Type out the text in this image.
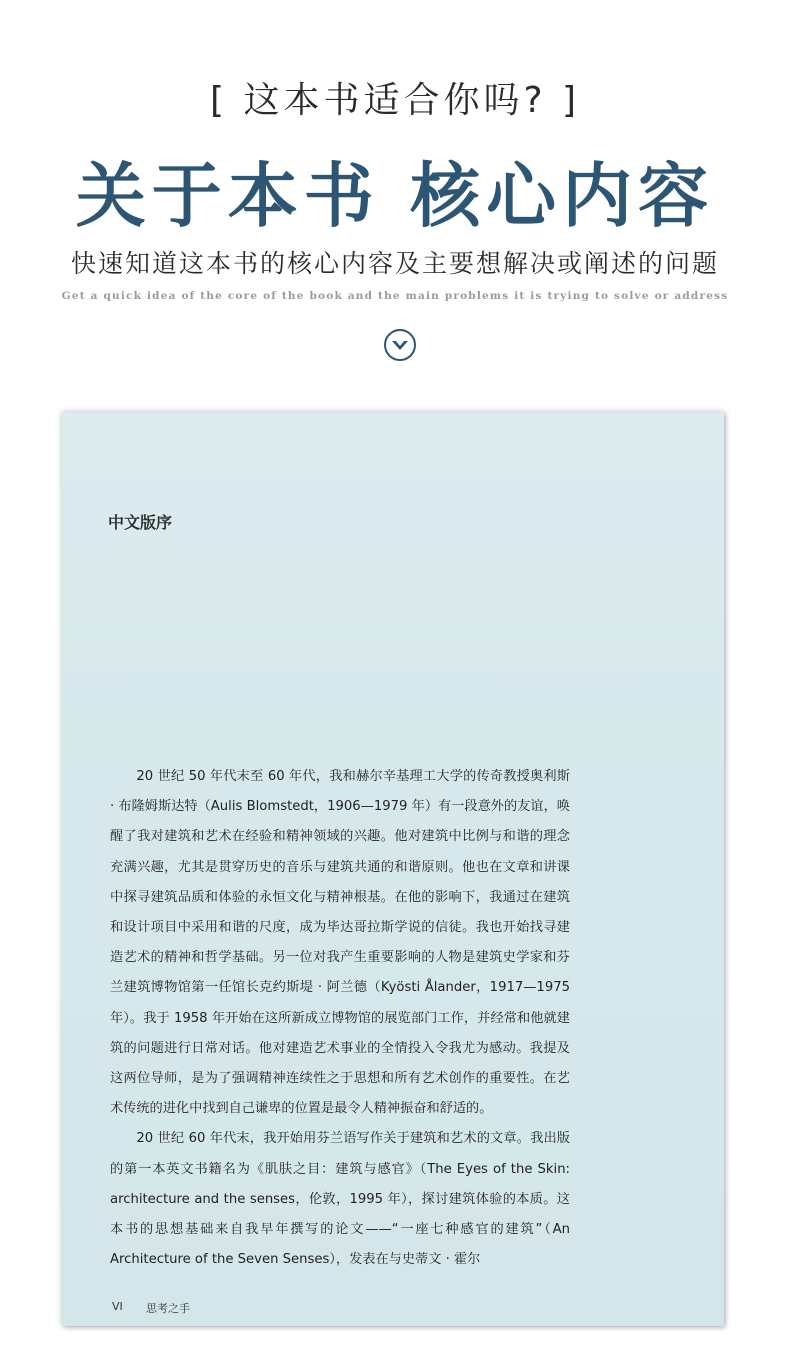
[ 这本书适合你吗? ]
关于本书 核心内容
快速知道这本书的核心内容及主要想解决或阐述的问题
Get a quick idea of the core of the book and the main problems it is trying to solve or address
中文版序

20 世纪 50 年代末至 60 年代，我和赫尔辛基理工大学的传奇教授奥利斯 · 布隆姆斯达特（Aulis Blomstedt，1906—1979 年）有一段意外的友谊，唤醒了我对建筑和艺术在经验和精神领域的兴趣。他对建筑中比例与和谐的理念充满兴趣，尤其是贯穿历史的音乐与建筑共通的和谐原则。他也在文章和讲课中探寻建筑品质和体验的永恒文化与精神根基。在他的影响下，我通过在建筑和设计项目中采用和谐的尺度，成为毕达哥拉斯学说的信徒。我也开始找寻建造艺术的精神和哲学基础。另一位对我产生重要影响的人物是建筑史学家和芬兰建筑博物馆第一任馆长克约斯堤 · 阿兰德（Kyösti Ålander，1917—1975 年）。我于 1958 年开始在这所新成立博物馆的展览部门工作，并经常和他就建筑的问题进行日常对话。他对建造艺术事业的全情投入令我尤为感动。我提及这两位导师，是为了强调精神连续性之于思想和所有艺术创作的重要性。在艺术传统的进化中找到自己谦卑的位置是最令人精神振奋和舒适的。

20 世纪 60 年代末，我开始用芬兰语写作关于建筑和艺术的文章。我出版的第一本英文书籍名为《肌肤之目：建筑与感官》（The Eyes of the Skin: architecture and the senses，伦敦，1995 年），探讨建筑体验的本质。这本书的思想基础来自我早年撰写的论文——“一座七种感官的建筑”（An Architecture of the Seven Senses），发表在与史蒂文 · 霍尔

VI 思考之手
